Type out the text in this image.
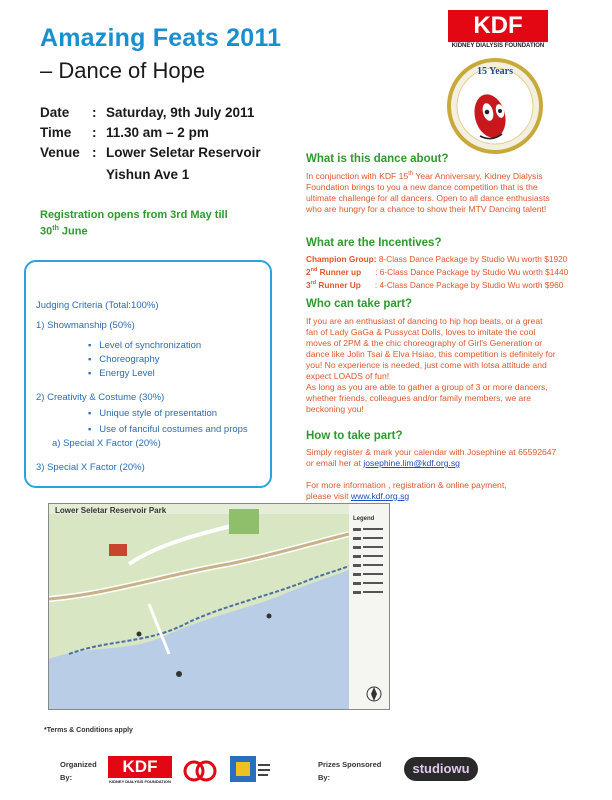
Amazing Feats 2011
– Dance of Hope
Date : Saturday, 9th July 2011
Time : 11.30 am – 2 pm
Venue : Lower Seletar Reservoir
Yishun Ave 1
Registration opens from 3rd May till
30th June
Judging Criteria (Total:100%)
1) Showmanship (50%)
▪   Level of synchronization
▪   Choreography
▪   Energy Level
2) Creativity & Costume (30%)
▪   Unique style of presentation
▪   Use of fanciful costumes and props
a) Special X Factor (20%)
3) Special X Factor (20%)
KDF
KIDNEY DIALYSIS FOUNDATION
15 Years
What is this dance about?
In conjunction with KDF 15th Year Anniversary, Kidney Dialysis
Foundation brings to you a new dance competition that is the
ultimate challenge for all dancers. Open to all dance enthusiasts
who are hungry for a chance to show their MTV Dancing talent!
What are the Incentives?
Champion Group: 8-Class Dance Package by Studio Wu worth $1920
2nd Runner up : 6-Class Dance Package by Studio Wu worth $1440
3rd Runner Up : 4-Class Dance Package by Studio Wu worth $960
Who can take part?
If you are an enthusiast of dancing to hip hop beats, or a great
fan of Lady GaGa & Pussycat Dolls, loves to imitate the cool
moves of 2PM & the chic choreography of Girl's Generation or
dance like Jolin Tsai & Elva Hsiao, this competition is definitely for
you! No experience is needed, just come with lotsa attitude and
expect LOADS of fun!
As long as you are able to gather a group of 3 or more dancers,
whether friends, colleagues and/or family members, we are
beckoning you!
How to take part?
Simply register & mark your calendar with Josephine at 65592647
or email her at josephine.lim@kdf.org.sg
For more information , registration & online payment,
please visit www.kdf.org.sg
Lower Seletar Reservoir Park
Legend
*Terms & Conditions apply
Organized
By:
KDF
KIDNEY DIALYSIS FOUNDATION
Prizes Sponsored
By:
studiowu
